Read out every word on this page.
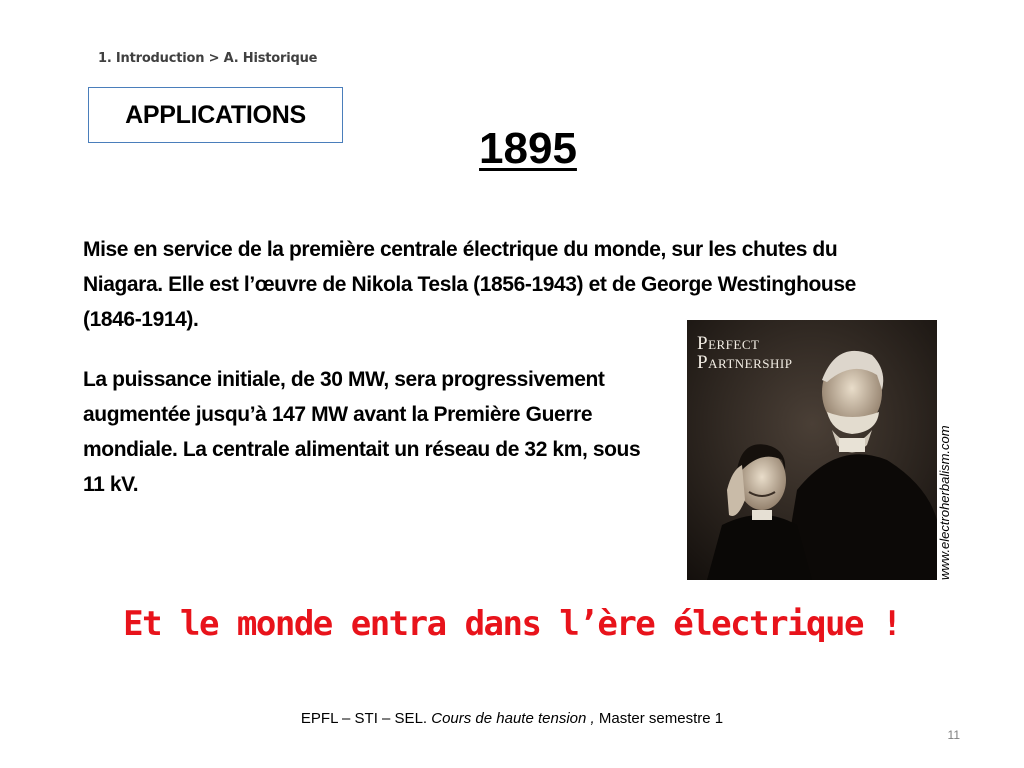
1. Introduction > A. Historique
APPLICATIONS
1895
Mise en service de la première centrale électrique du monde, sur les chutes du Niagara. Elle est l’œuvre de Nikola Tesla (1856-1943) et de George Westinghouse (1846-1914).
La puissance initiale, de 30 MW, sera progressivement augmentée jusqu’à 147 MW avant la Première Guerre mondiale. La centrale alimentait un réseau de 32 km, sous 11 kV.
Perfect
Partnership
www.electroherbalism.com
Et le monde entra dans l’ère électrique !
EPFL – STI – SEL. Cours de haute tension , Master semestre 1
11
